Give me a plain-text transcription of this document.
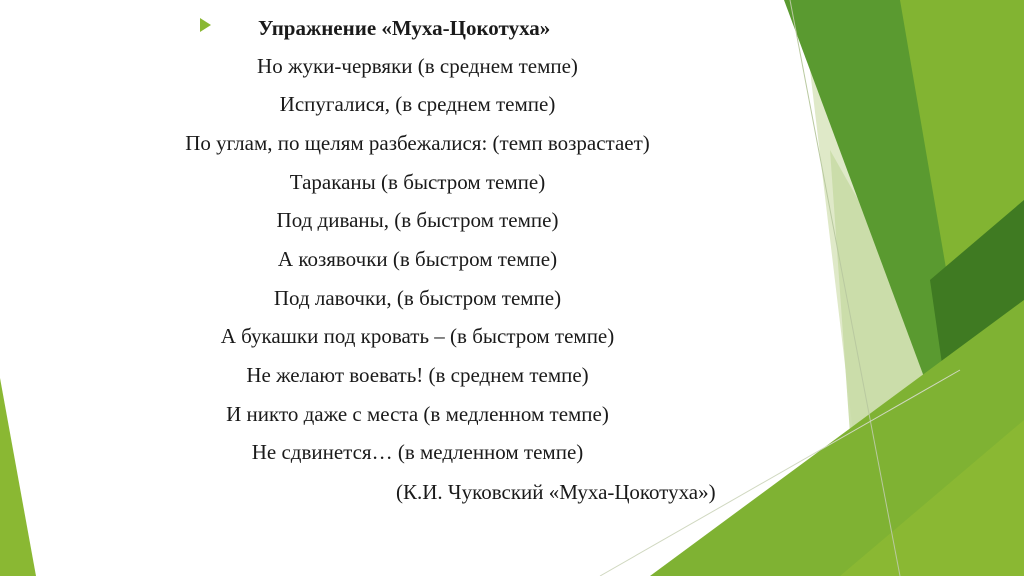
Упражнение «Муха-Цокотуха»
Но жуки-червяки (в среднем темпе)
Испугалися, (в среднем темпе)
По углам, по щелям разбежалися: (темп возрастает)
Тараканы (в быстром темпе)
Под диваны, (в быстром темпе)
А козявочки (в быстром темпе)
Под лавочки, (в быстром темпе)
А букашки под кровать – (в быстром темпе)
Не желают воевать! (в среднем темпе)
И никто даже с места (в медленном темпе)
Не сдвинется… (в медленном темпе)
(К.И. Чуковский «Муха-Цокотуха»)
